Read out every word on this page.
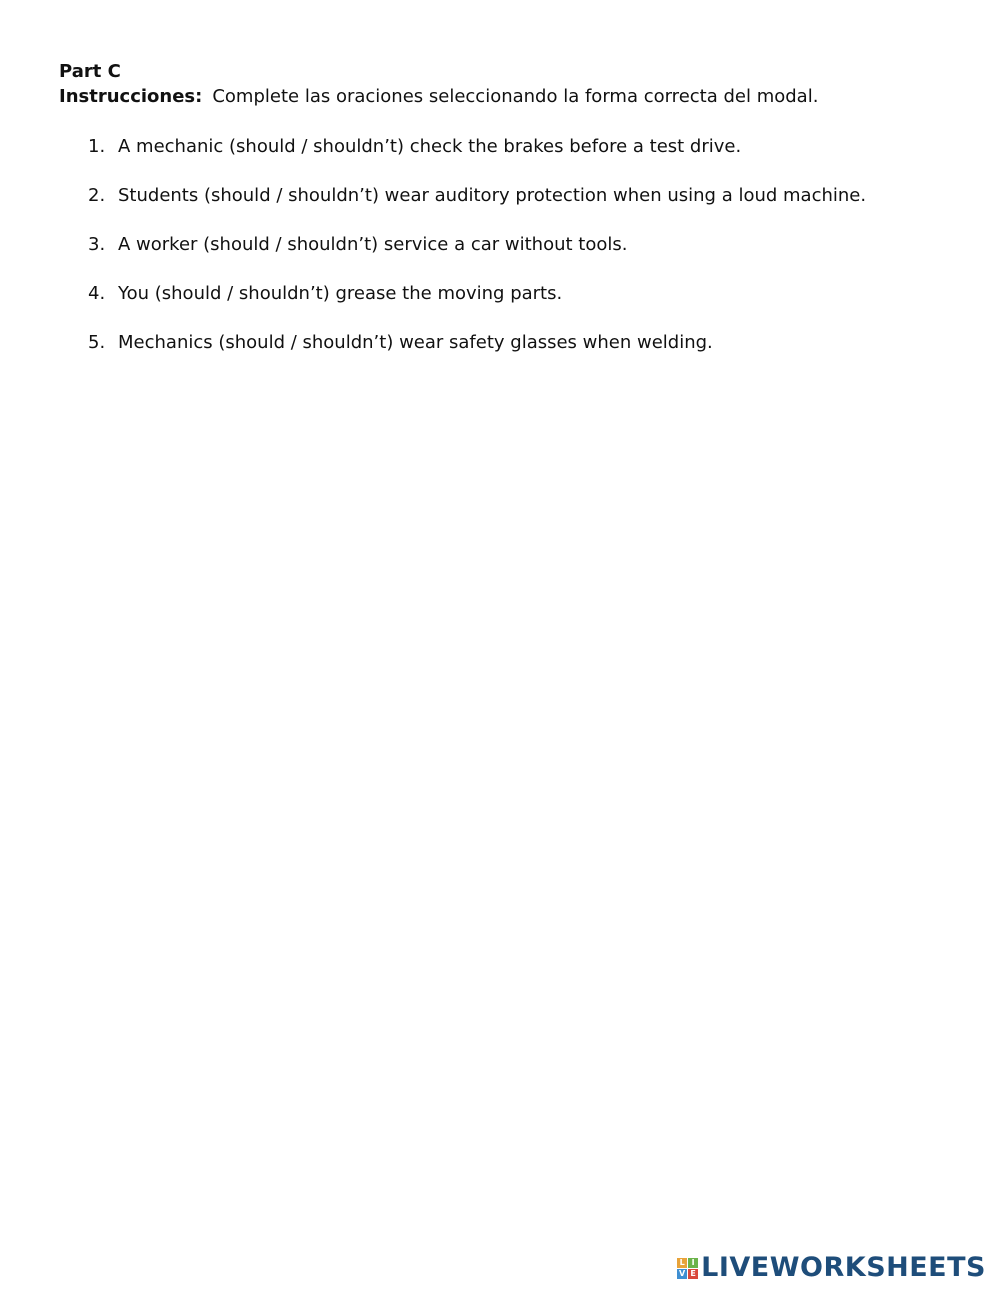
Part C

Instrucciones: Complete las oraciones seleccionando la forma correcta del modal.

1. A mechanic (should / shouldn’t) check the brakes before a test drive.
2. Students (should / shouldn’t) wear auditory protection when using a loud machine.
3. A worker (should / shouldn’t) service a car without tools.
4. You (should / shouldn’t) grease the moving parts.
5. Mechanics (should / shouldn’t) wear safety glasses when welding.
L I
V E LIVEWORKSHEETS
